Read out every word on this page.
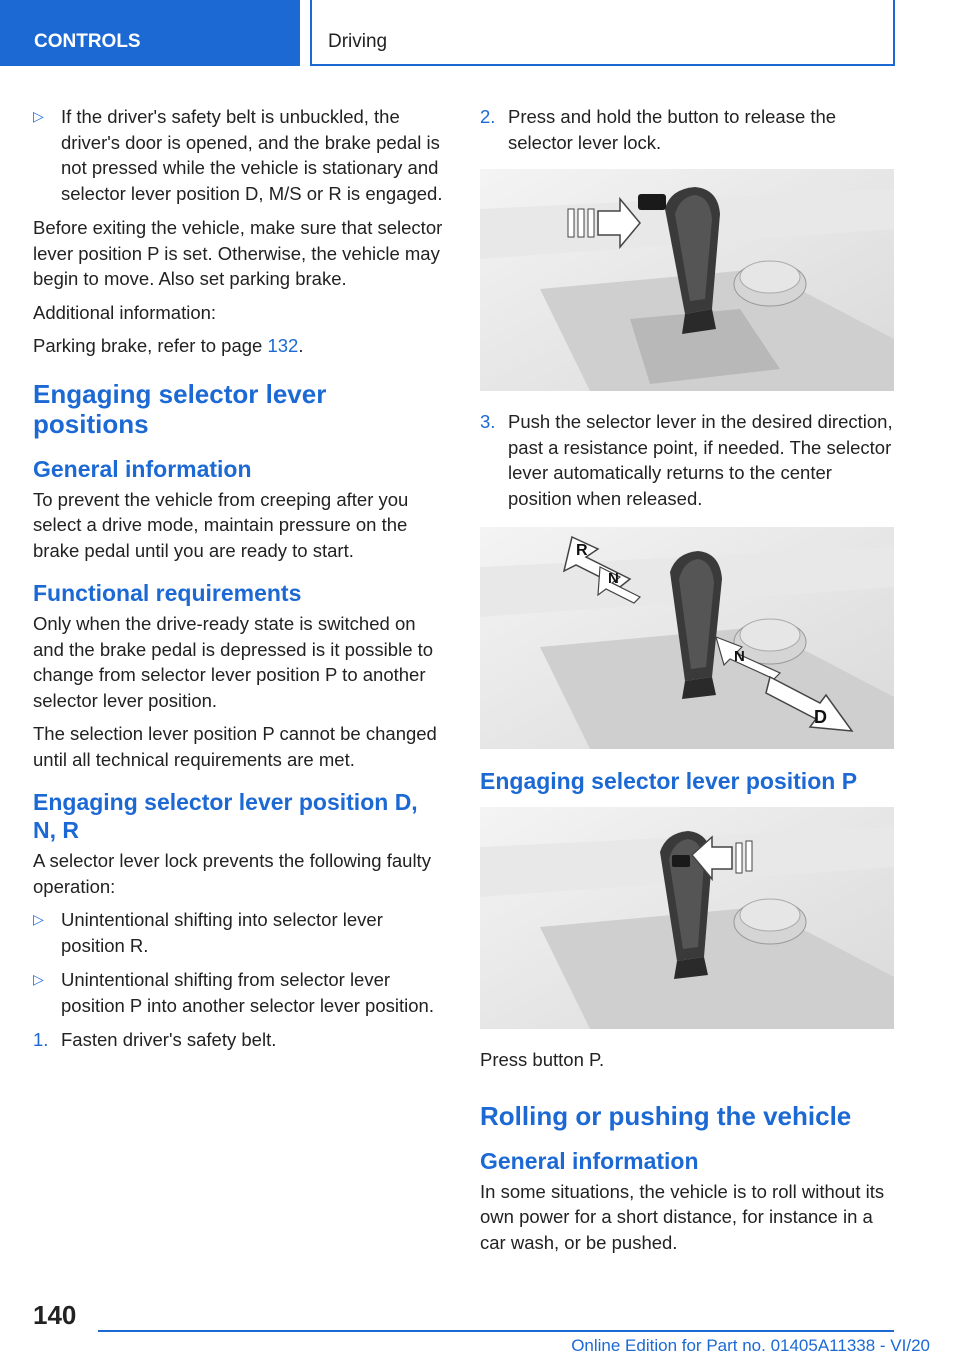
CONTROLS	Driving
▷ If the driver's safety belt is unbuckled, the driver's door is opened, and the brake pedal is not pressed while the vehicle is stationary and selector lever position D, M/S or R is engaged.

Before exiting the vehicle, make sure that selector lever position P is set. Otherwise, the vehicle may begin to move. Also set parking brake.

Additional information:

Parking brake, refer to page 132.

Engaging selector lever positions
General information

To prevent the vehicle from creeping after you select a drive mode, maintain pressure on the brake pedal until you are ready to start.

Functional requirements

Only when the drive-ready state is switched on and the brake pedal is depressed is it possible to change from selector lever position P to another selector lever position.

The selection lever position P cannot be changed until all technical requirements are met.

Engaging selector lever position D, N, R

A selector lever lock prevents the following faulty operation:

▷ Unintentional shifting into selector lever position R.
▷ Unintentional shifting from selector lever position P into another selector lever position.
1. Fasten driver's safety belt.
2. Press and hold the button to release the selector lever lock.
3. Push the selector lever in the desired direction, past a resistance point, if needed. The selector lever automatically returns to the center position when released.
R
N
N
D
Engaging selector lever position P

Press button P.

Rolling or pushing the vehicle
General information

In some situations, the vehicle is to roll without its own power for a short distance, for instance in a car wash, or be pushed.

140
Online Edition for Part no. 01405A11338 - VI/20
